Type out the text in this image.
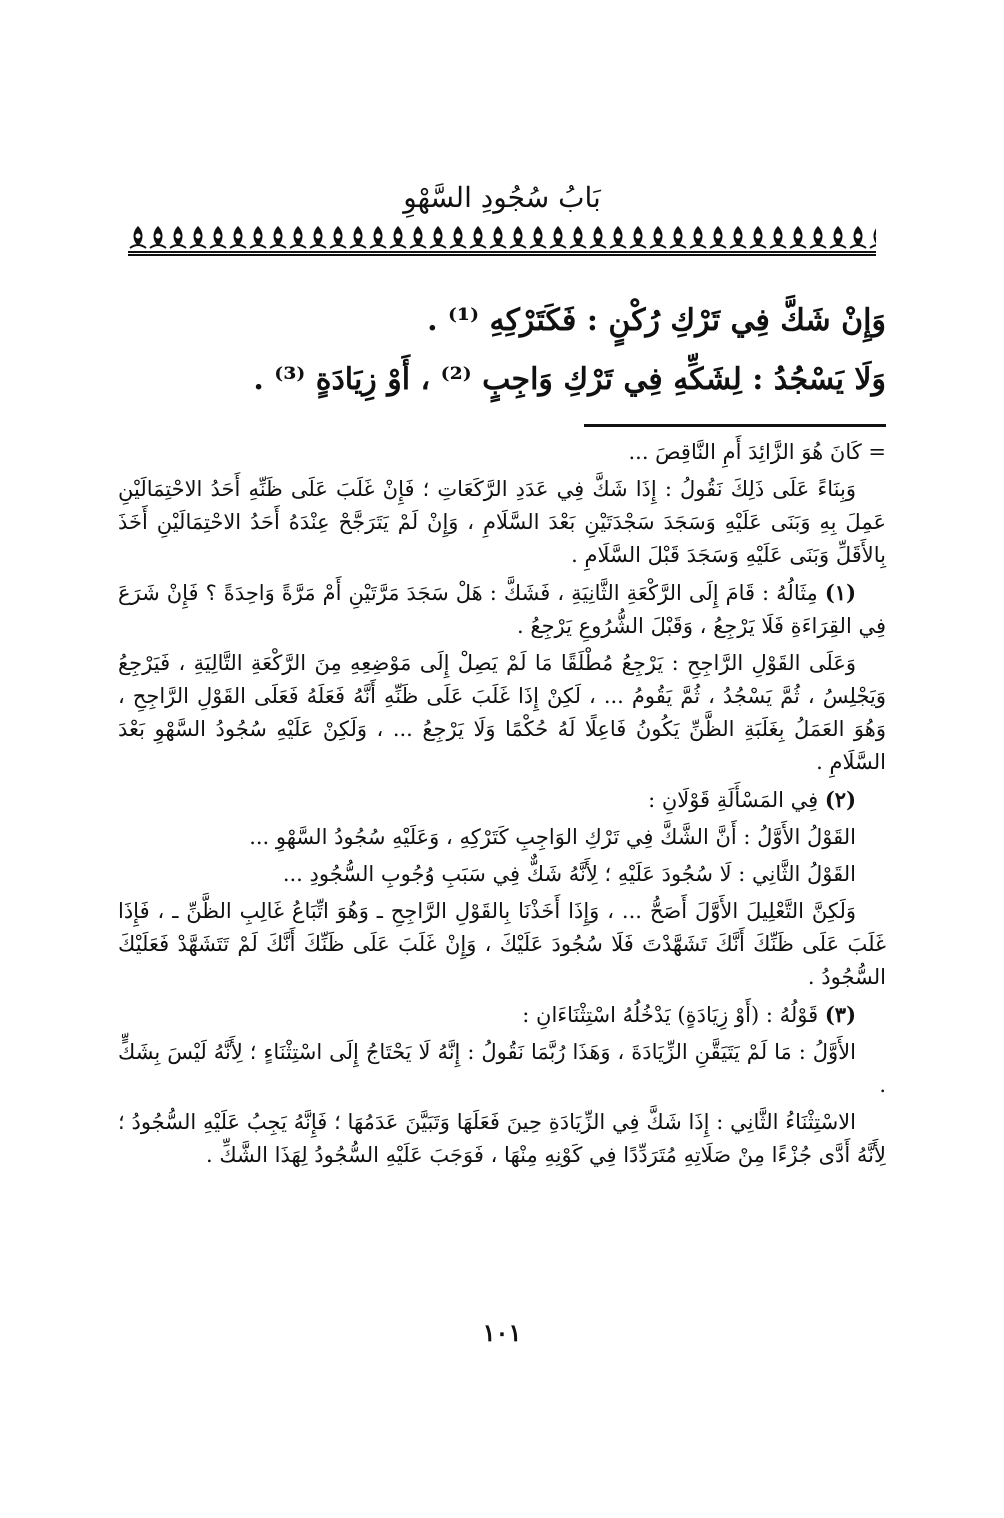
بَابُ سُجُودِ السَّهْوِ
وَإِنْ شَكَّ فِي تَرْكِ رُكْنٍ : فَكَتَرْكِهِ ⁽¹⁾ .
وَلَا يَسْجُدُ : لِشَكِّهِ فِي تَرْكِ وَاجِبٍ ⁽²⁾ ، أَوْ زِيَادَةٍ ⁽³⁾ .

= كَانَ هُوَ الزَّائِدَ أَمِ النَّاقِصَ ...

وَبِنَاءً عَلَى ذَلِكَ نَقُولُ : إِذَا شَكَّ فِي عَدَدِ الرَّكَعَاتِ ؛ فَإِنْ غَلَبَ عَلَى ظَنِّهِ أَحَدُ الاحْتِمَالَيْنِ عَمِلَ بِهِ وَبَنَى عَلَيْهِ وَسَجَدَ سَجْدَتَيْنِ بَعْدَ السَّلَامِ ، وَإِنْ لَمْ يَتَرَجَّحْ عِنْدَهُ أَحَدُ الاحْتِمَالَيْنِ أَخَذَ بِالأَقَلِّ وَبَنَى عَلَيْهِ وَسَجَدَ قَبْلَ السَّلَامِ .

(١) مِثَالُهُ : قَامَ إِلَى الرَّكْعَةِ الثَّانِيَةِ ، فَشَكَّ : هَلْ سَجَدَ مَرَّتَيْنِ أَمْ مَرَّةً وَاحِدَةً ؟ فَإِنْ شَرَعَ فِي القِرَاءَةِ فَلَا يَرْجِعُ ، وَقَبْلَ الشُّرُوعِ يَرْجِعُ .

وَعَلَى القَوْلِ الرَّاجِحِ : يَرْجِعُ مُطْلَقًا مَا لَمْ يَصِلْ إِلَى مَوْضِعِهِ مِنَ الرَّكْعَةِ التَّالِيَةِ ، فَيَرْجِعُ وَيَجْلِسُ ، ثُمَّ يَسْجُدُ ، ثُمَّ يَقُومُ ... ، لَكِنْ إِذَا غَلَبَ عَلَى ظَنِّهِ أَنَّهُ فَعَلَهُ فَعَلَى القَوْلِ الرَّاجِحِ ، وَهُوَ العَمَلُ بِغَلَبَةِ الظَّنِّ يَكُونُ فَاعِلًا لَهُ حُكْمًا وَلَا يَرْجِعُ ... ، وَلَكِنْ عَلَيْهِ سُجُودُ السَّهْوِ بَعْدَ السَّلَامِ .

(٢) فِي المَسْأَلَةِ قَوْلَانِ :

القَوْلُ الأَوَّلُ : أَنَّ الشَّكَّ فِي تَرْكِ الوَاجِبِ كَتَرْكِهِ ، وَعَلَيْهِ سُجُودُ السَّهْوِ ...

القَوْلُ الثَّانِي : لَا سُجُودَ عَلَيْهِ ؛ لِأَنَّهُ شَكٌّ فِي سَبَبِ وُجُوبِ السُّجُودِ ...

وَلَكِنَّ التَّعْلِيلَ الأَوَّلَ أَصَحُّ ... ، وَإِذَا أَخَذْنَا بِالقَوْلِ الرَّاجِحِ ـ وَهُوَ اتِّبَاعُ غَالِبِ الظَّنِّ ـ ، فَإِذَا غَلَبَ عَلَى ظَنِّكَ أَنَّكَ تَشَهَّدْتَ فَلَا سُجُودَ عَلَيْكَ ، وَإِنْ غَلَبَ عَلَى ظَنِّكَ أَنَّكَ لَمْ تَتَشَهَّدْ فَعَلَيْكَ السُّجُودُ .

(٣) قَوْلُهُ : (أَوْ زِيَادَةٍ) يَدْخُلُهُ اسْتِثْنَاءَانِ :

الأَوَّلُ : مَا لَمْ يَتَيَقَّنِ الزِّيَادَةَ ، وَهَذَا رُبَّمَا نَقُولُ : إِنَّهُ لَا يَحْتَاجُ إِلَى اسْتِثْنَاءٍ ؛ لِأَنَّهُ لَيْسَ بِشَكٍّ .

الاسْتِثْنَاءُ الثَّانِي : إِذَا شَكَّ فِي الزِّيَادَةِ حِينَ فَعَلَهَا وَتَبَيَّنَ عَدَمُهَا ؛ فَإِنَّهُ يَجِبُ عَلَيْهِ السُّجُودُ ؛ لِأَنَّهُ أَدَّى جُزْءًا مِنْ صَلَاتِهِ مُتَرَدِّدًا فِي كَوْنِهِ مِنْهَا ، فَوَجَبَ عَلَيْهِ السُّجُودُ لِهَذَا الشَّكِّ .

١٠١
